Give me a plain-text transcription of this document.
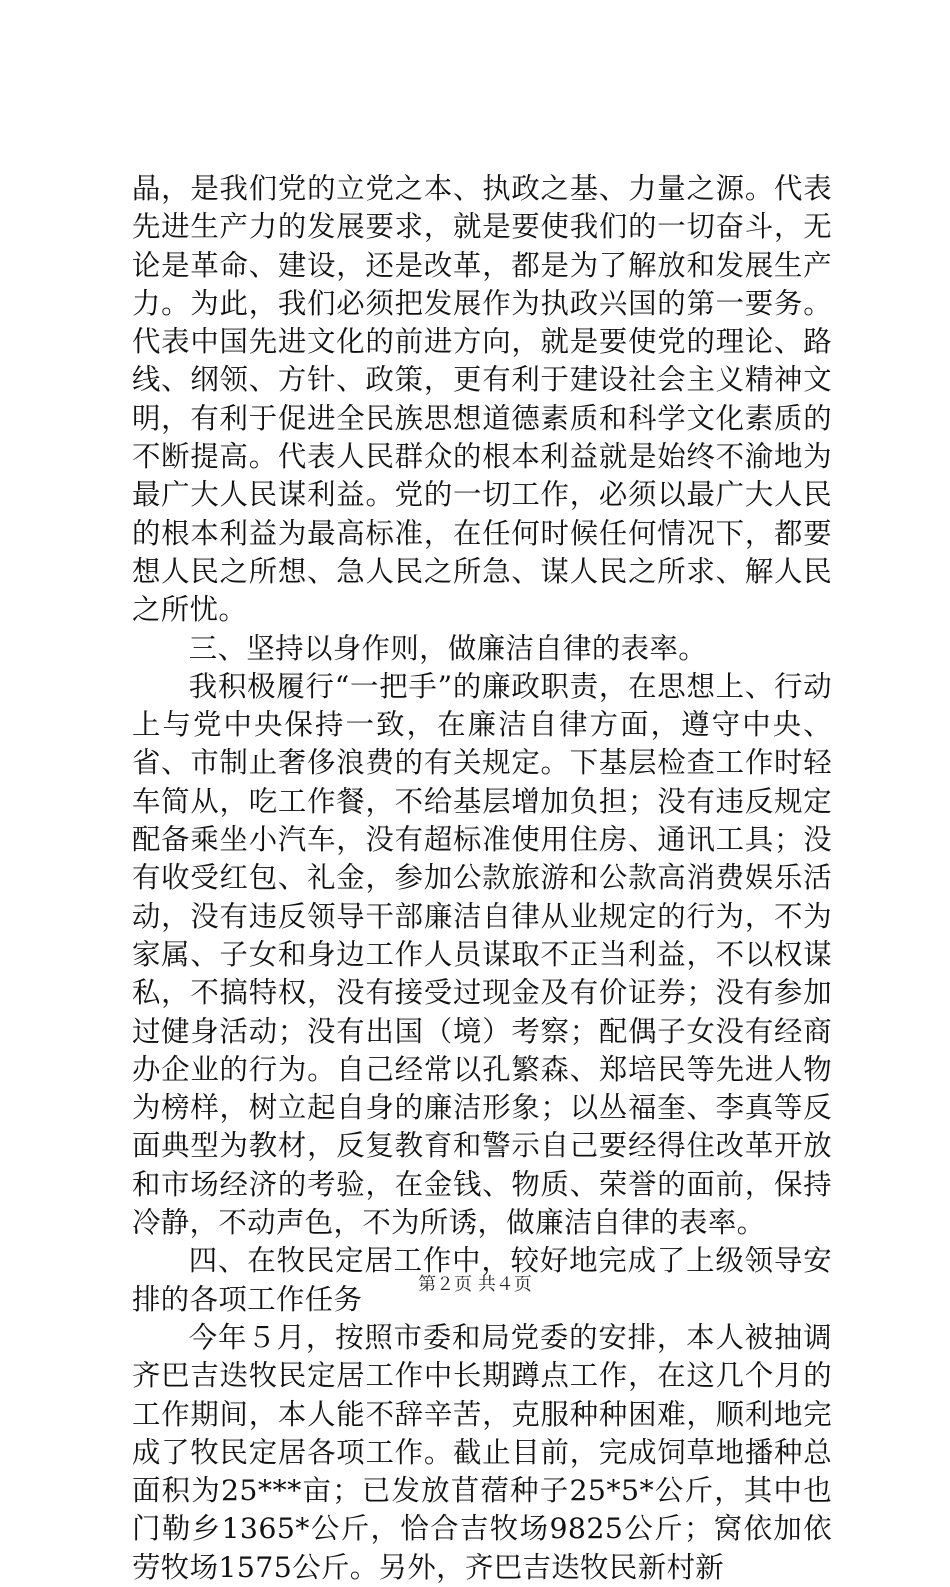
晶，是我们党的立党之本、执政之基、力量之源。代表先进生产力的发展要求，就是要使我们的一切奋斗，无论是革命、建设，还是改革，都是为了解放和发展生产力。为此，我们必须把发展作为执政兴国的第一要务。代表中国先进文化的前进方向，就是要使党的理论、路线、纲领、方针、政策，更有利于建设社会主义精神文明，有利于促进全民族思想道德素质和科学文化素质的不断提高。代表人民群众的根本利益就是始终不渝地为最广大人民谋利益。党的一切工作，必须以最广大人民的根本利益为最高标准，在任何时候任何情况下，都要想人民之所想、急人民之所急、谋人民之所求、解人民之所忧。

三、坚持以身作则，做廉洁自律的表率。

我积极履行“一把手”的廉政职责，在思想上、行动上与党中央保持一致，在廉洁自律方面，遵守中央、省、市制止奢侈浪费的有关规定。下基层检查工作时轻车简从，吃工作餐，不给基层增加负担；没有违反规定配备乘坐小汽车，没有超标准使用住房、通讯工具；没有收受红包、礼金，参加公款旅游和公款高消费娱乐活动，没有违反领导干部廉洁自律从业规定的行为，不为家属、子女和身边工作人员谋取不正当利益，不以权谋私，不搞特权，没有接受过现金及有价证券；没有参加过健身活动；没有出国（境）考察；配偶子女没有经商办企业的行为。自己经常以孔繁森、郑培民等先进人物为榜样，树立起自身的廉洁形象；以丛福奎、李真等反面典型为教材，反复教育和警示自己要经得住改革开放和市场经济的考验，在金钱、物质、荣誉的面前，保持冷静，不动声色，不为所诱，做廉洁自律的表率。

四、在牧民定居工作中，较好地完成了上级领导安排的各项工作任务

今年５月，按照市委和局党委的安排，本人被抽调齐巴吉迭牧民定居工作中长期蹲点工作，在这几个月的工作期间，本人能不辞辛苦，克服种种困难，顺利地完成了牧民定居各项工作。截止目前，完成饲草地播种总面积为25***亩；已发放苜蓿种子25*5*公斤，其中也门勒乡1365*公斤，恰合吉牧场9825公斤；窝依加依劳牧场1575公斤。另外，齐巴吉迭牧民新村新

第２页 共４页
